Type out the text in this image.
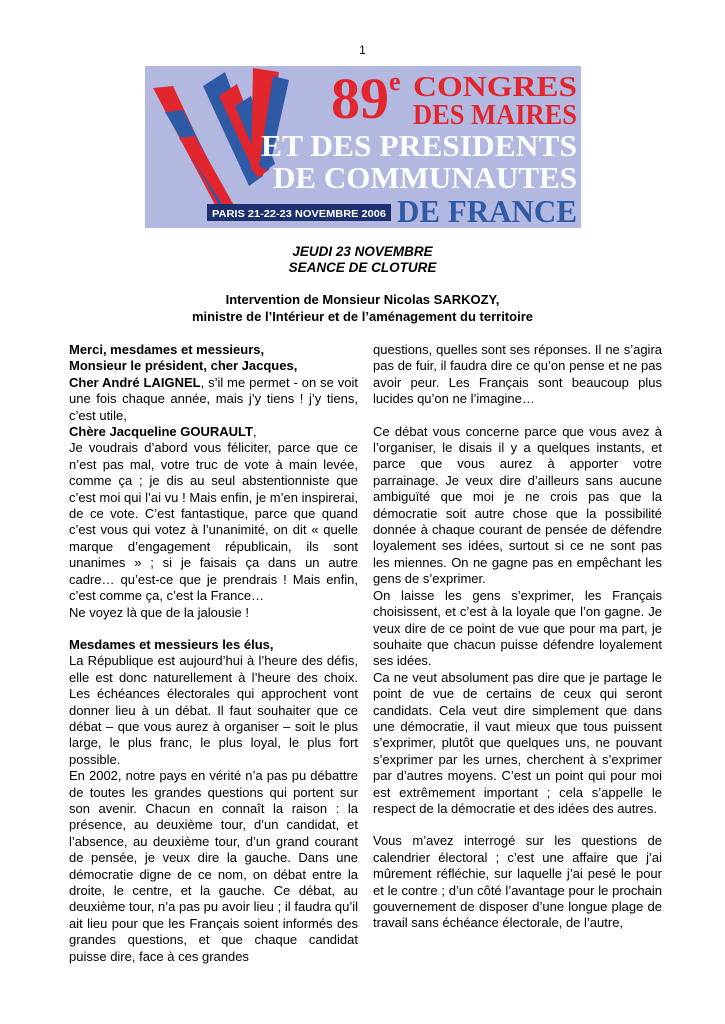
1
89 e CONGRES
DES MAIRES
ET DES PRESIDENTS
DE COMMUNAUTES
PARIS 21-22-23 NOVEMBRE 2006 DE FRANCE
JEUDI 23 NOVEMBRE
SEANCE DE CLOTURE
Intervention de Monsieur Nicolas SARKOZY,
ministre de l’Intérieur et de l’aménagement du territoire

Merci, mesdames et messieurs,

Monsieur le président, cher Jacques,

Cher André LAIGNEL, s’il me permet - on se voit une fois chaque année, mais j’y tiens ! j’y tiens, c’est utile,

Chère Jacqueline GOURAULT,

Je voudrais d’abord vous féliciter, parce que ce n’est pas mal, votre truc de vote à main levée, comme ça ; je dis au seul abstentionniste que c’est moi qui l’ai vu ! Mais enfin, je m’en inspirerai, de ce vote. C’est fantastique, parce que quand c’est vous qui votez à l’unanimité, on dit « quelle marque d’engagement républicain, ils sont unanimes » ; si je faisais ça dans un autre cadre… qu’est-ce que je prendrais ! Mais enfin, c’est comme ça, c’est la France…

Ne voyez là que de la jalousie !

Mesdames et messieurs les élus,

La République est aujourd’hui à l’heure des défis, elle est donc naturellement à l’heure des choix. Les échéances électorales qui approchent vont donner lieu à un débat. Il faut souhaiter que ce débat – que vous aurez à organiser – soit le plus large, le plus franc, le plus loyal, le plus fort possible.

En 2002, notre pays en vérité n’a pas pu débattre de toutes les grandes questions qui portent sur son avenir. Chacun en connaît la raison : la présence, au deuxième tour, d’un candidat, et l’absence, au deuxième tour, d’un grand courant de pensée, je veux dire la gauche. Dans une démocratie digne de ce nom, on débat entre la droite, le centre, et la gauche. Ce débat, au deuxième tour, n’a pas pu avoir lieu ; il faudra qu’il ait lieu pour que les Français soient informés des grandes questions, et que chaque candidat puisse dire, face à ces grandes

questions, quelles sont ses réponses. Il ne s’agira pas de fuir, il faudra dire ce qu’on pense et ne pas avoir peur. Les Français sont beaucoup plus lucides qu’on ne l’imagine…

Ce débat vous concerne parce que vous avez à l’organiser, le disais il y a quelques instants, et parce que vous aurez à apporter votre parrainage. Je veux dire d’ailleurs sans aucune ambiguïté que moi je ne crois pas que la démocratie soit autre chose que la possibilité donnée à chaque courant de pensée de défendre loyalement ses idées, surtout si ce ne sont pas les miennes. On ne gagne pas en empêchant les gens de s’exprimer.

On laisse les gens s’exprimer, les Français choisissent, et c’est à la loyale que l’on gagne. Je veux dire de ce point de vue que pour ma part, je souhaite que chacun puisse défendre loyalement ses idées.

Ca ne veut absolument pas dire que je partage le point de vue de certains de ceux qui seront candidats. Cela veut dire simplement que dans une démocratie, il vaut mieux que tous puissent s’exprimer, plutôt que quelques uns, ne pouvant s’exprimer par les urnes, cherchent à s’exprimer par d’autres moyens. C’est un point qui pour moi est extrêmement important ; cela s’appelle le respect de la démocratie et des idées des autres.

Vous m’avez interrogé sur les questions de calendrier électoral ; c’est une affaire que j’ai mûrement réfléchie, sur laquelle j’ai pesé le pour et le contre ; d’un côté l’avantage pour le prochain gouvernement de disposer d’une longue plage de travail sans échéance électorale, de l’autre,
